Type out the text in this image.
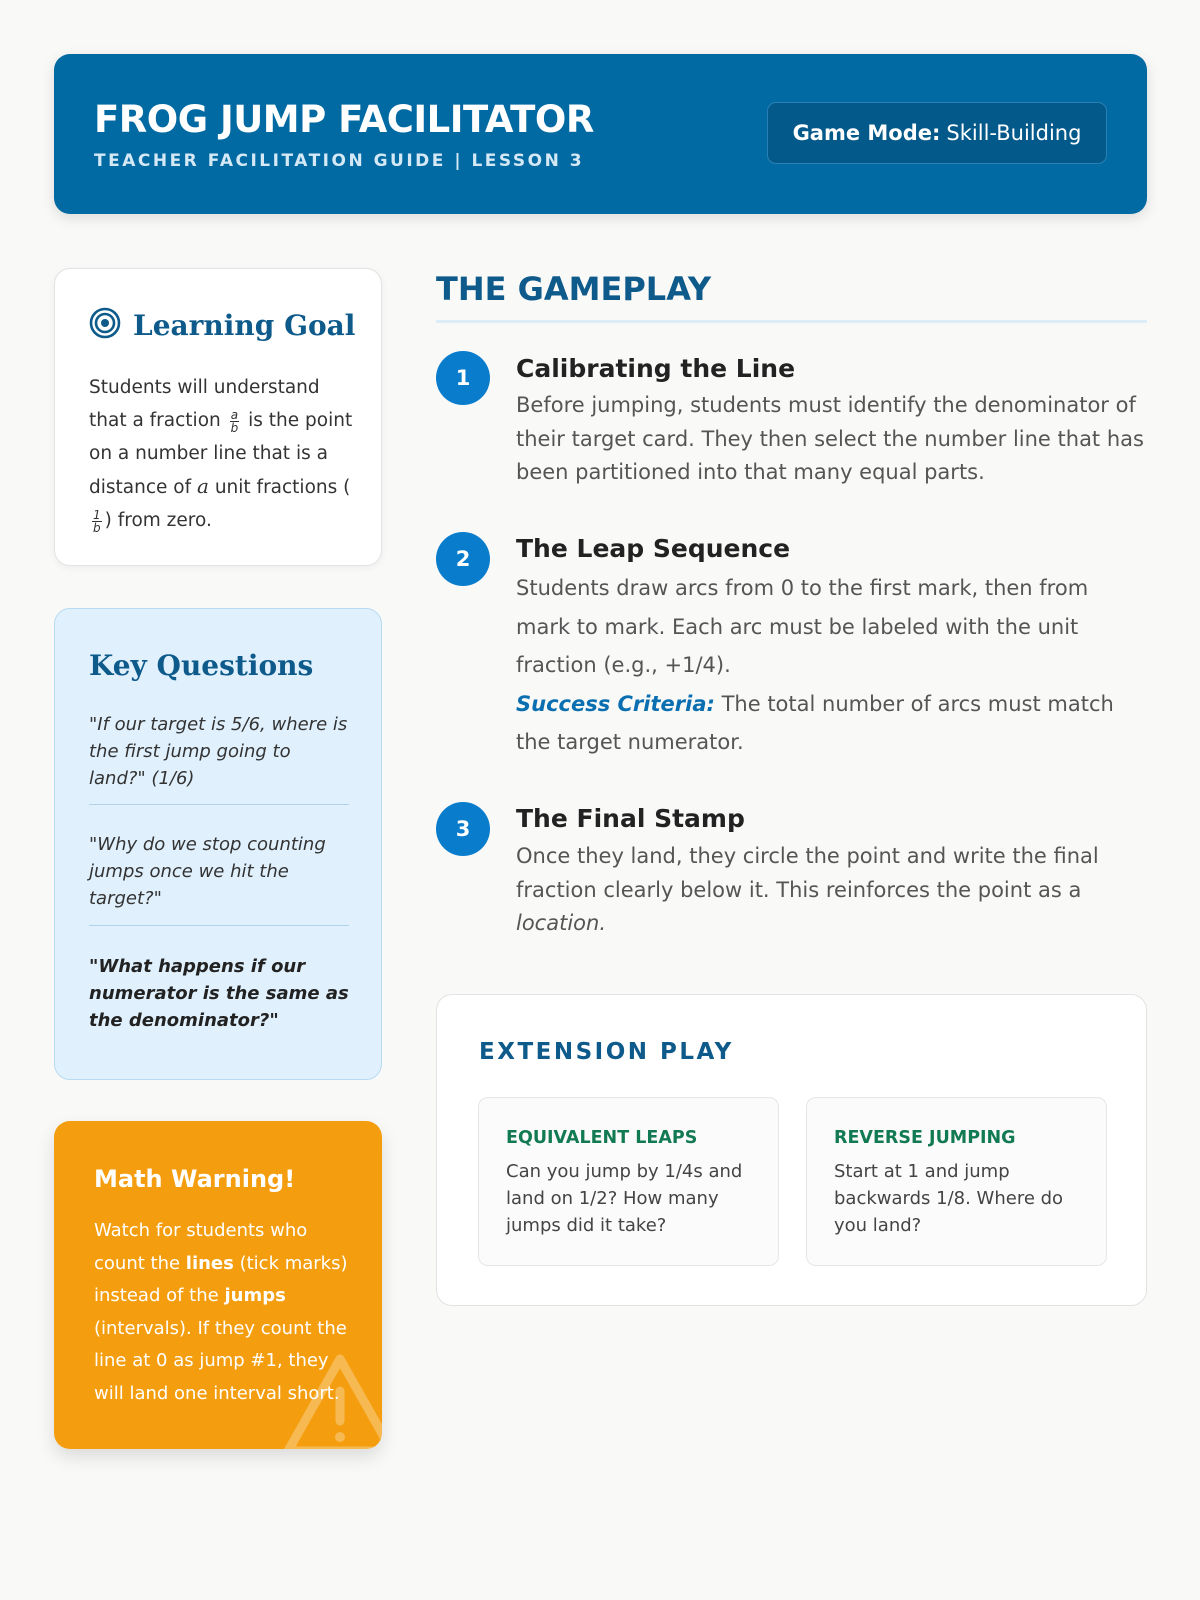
FROG JUMP FACILITATOR
TEACHER FACILITATION GUIDE | LESSON 3
Game Mode: Skill-Building
Learning Goal
Students will understand that a fraction $\frac{a}{b}$ is the point on a number line that is a distance of a unit fractions (
$\frac{1}{b}$ ) from zero.
Key Questions
"If our target is 5/6, where is the first jump going to land?" (1/6)
"Why do we stop counting jumps once we hit the target?"
"What happens if our numerator is the same as the denominator?"
Math Warning!
Watch for students who count the lines (tick marks) instead of the jumps (intervals). If they count the line at 0 as jump #1, they will land one interval short.
THE GAMEPLAY
1	Calibrating the Line
Before jumping, students must identify the denominator of their target card. They then select the number line that has been partitioned into that many equal parts.
2	The Leap Sequence
Students draw arcs from 0 to the first mark, then from mark to mark. Each arc must be labeled with the unit fraction (e.g., +1/4).
Success Criteria: The total number of arcs must match the target numerator.
3	The Final Stamp
Once they land, they circle the point and write the final fraction clearly below it. This reinforces the point as a location.
EXTENSION PLAY
EQUIVALENT LEAPS
Can you jump by 1/4s and land on 1/2? How many jumps did it take?
REVERSE JUMPING
Start at 1 and jump backwards 1/8. Where do you land?
